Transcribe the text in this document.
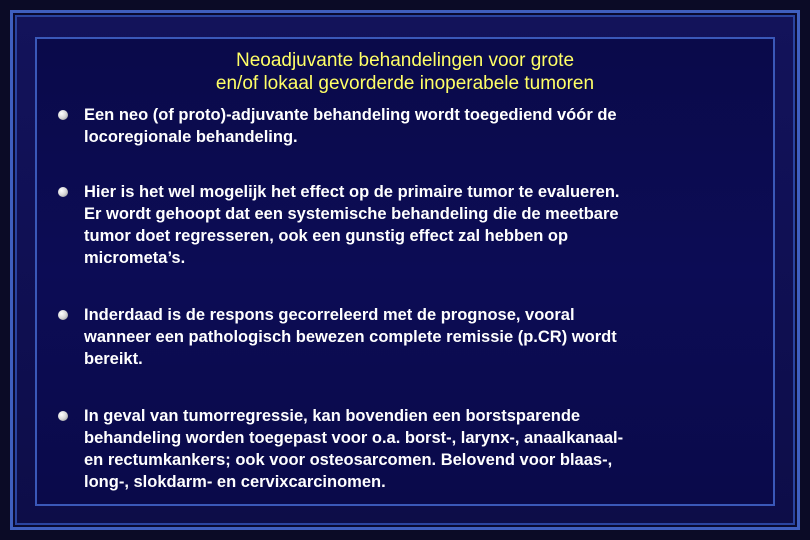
Neoadjuvante behandelingen voor grote
en/of lokaal gevorderde inoperabele tumoren
Een neo (of proto)-adjuvante behandeling wordt toegediend vóór de
locoregionale behandeling.
Hier is het wel mogelijk het effect op de primaire tumor te evalueren.
Er wordt gehoopt dat een systemische behandeling die de meetbare
tumor doet regresseren, ook een gunstig effect zal hebben op
micrometa’s.
Inderdaad is de respons gecorreleerd met de prognose, vooral
wanneer een pathologisch bewezen complete remissie (p.CR) wordt
bereikt.
In geval van tumorregressie, kan bovendien een borstsparende
behandeling worden toegepast voor o.a. borst-, larynx-, anaalkanaal-
en rectumkankers; ook voor osteosarcomen. Belovend voor blaas-,
long-, slokdarm- en cervixcarcinomen.
